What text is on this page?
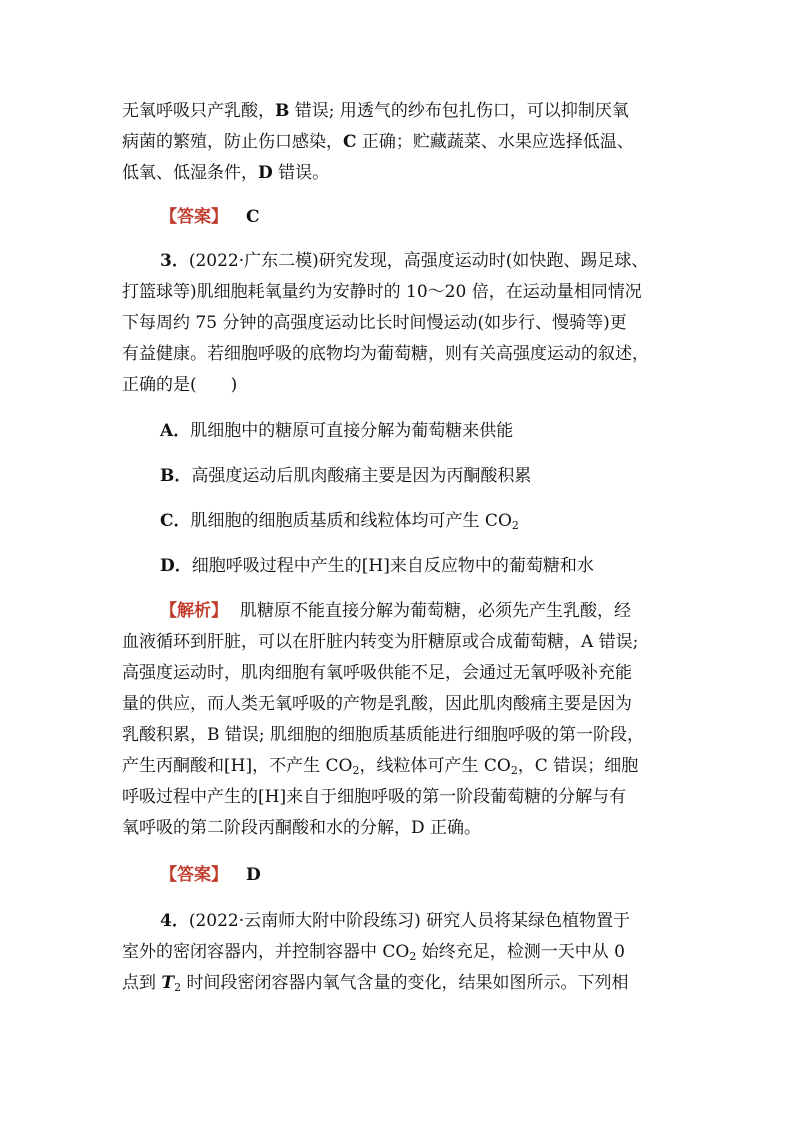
无氧呼吸只产乳酸，B 错误; 用透气的纱布包扎伤口，可以抑制厌氧
病菌的繁殖，防止伤口感染，C 正确；贮藏蔬菜、水果应选择低温、
低氧、低湿条件，D 错误。
【答案】 C
3．(2022·广东二模)研究发现，高强度运动时(如快跑、踢足球、
打篮球等)肌细胞耗氧量约为安静时的 10～20 倍，在运动量相同情况
下每周约 75 分钟的高强度运动比长时间慢运动(如步行、慢骑等)更
有益健康。若细胞呼吸的底物均为葡萄糖，则有关高强度运动的叙述，
正确的是(　　)
A．肌细胞中的糖原可直接分解为葡萄糖来供能
B．高强度运动后肌肉酸痛主要是因为丙酮酸积累
C．肌细胞的细胞质基质和线粒体均可产生 $CO_2$
D．细胞呼吸过程中产生的[H]来自反应物中的葡萄糖和水
【解析】 肌糖原不能直接分解为葡萄糖，必须先产生乳酸，经
血液循环到肝脏，可以在肝脏内转变为肝糖原或合成葡萄糖，A 错误;
高强度运动时，肌肉细胞有氧呼吸供能不足，会通过无氧呼吸补充能
量的供应，而人类无氧呼吸的产物是乳酸，因此肌肉酸痛主要是因为
乳酸积累，B 错误; 肌细胞的细胞质基质能进行细胞呼吸的第一阶段，
产生丙酮酸和[H]，不产生 $CO_2$，线粒体可产生 $CO_2$，C 错误；细胞
呼吸过程中产生的[H]来自于细胞呼吸的第一阶段葡萄糖的分解与有
氧呼吸的第二阶段丙酮酸和水的分解，D 正确。
【答案】 D
4．(2022·云南师大附中阶段练习) 研究人员将某绿色植物置于
室外的密闭容器内，并控制容器中 $CO_2$ 始终充足，检测一天中从 0
点到 $T_2$ 时间段密闭容器内氧气含量的变化，结果如图所示。下列相
